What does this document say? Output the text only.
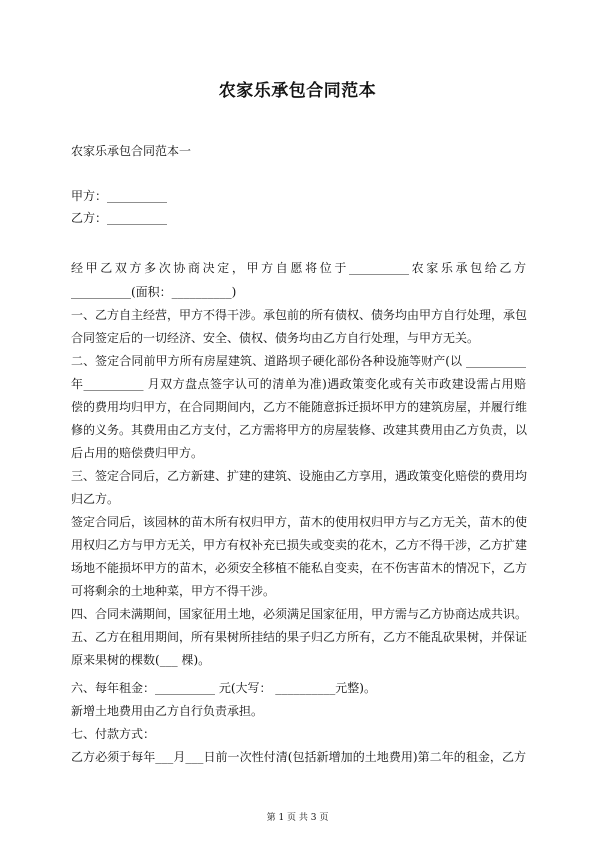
农家乐承包合同范本

农家乐承包合同范本一

甲方：__________

乙方：__________

经甲乙双方多次协商决定，甲方自愿将位于__________农家乐承包给乙方

__________(面积：__________)

一、乙方自主经营，甲方不得干涉。承包前的所有债权、债务均由甲方自行处理，承包

合同签定后的一切经济、安全、债权、债务均由乙方自行处理，与甲方无关。

二、签定合同前甲方所有房屋建筑、道路坝子硬化部份各种设施等财产(以 __________

年__________ 月双方盘点签字认可的清单为准)遇政策变化或有关市政建设需占用赔

偿的费用均归甲方，在合同期间内，乙方不能随意拆迁损坏甲方的建筑房屋，并履行维

修的义务。其费用由乙方支付，乙方需将甲方的房屋装修、改建其费用由乙方负责，以

后占用的赔偿费归甲方。

三、签定合同后，乙方新建、扩建的建筑、设施由乙方享用，遇政策变化赔偿的费用均

归乙方。

签定合同后，该园林的苗木所有权归甲方，苗木的使用权归甲方与乙方无关，苗木的使

用权归乙方与甲方无关，甲方有权补充已损失或变卖的花木，乙方不得干涉，乙方扩建

场地不能损坏甲方的苗木，必须安全移植不能私自变卖，在不伤害苗木的情况下，乙方

可将剩余的土地种菜，甲方不得干涉。

四、合同未满期间，国家征用土地，必须满足国家征用，甲方需与乙方协商达成共识。

五、乙方在租用期间，所有果树所挂结的果子归乙方所有，乙方不能乱砍果树，并保证

原来果树的棵数(___ 棵)。

六、每年租金：__________ 元(大写： __________元整)。

新增土地费用由乙方自行负责承担。

七、付款方式：

乙方必须于每年___月___日前一次性付清(包括新增加的土地费用)第二年的租金，乙方

第 1 页 共 3 页
